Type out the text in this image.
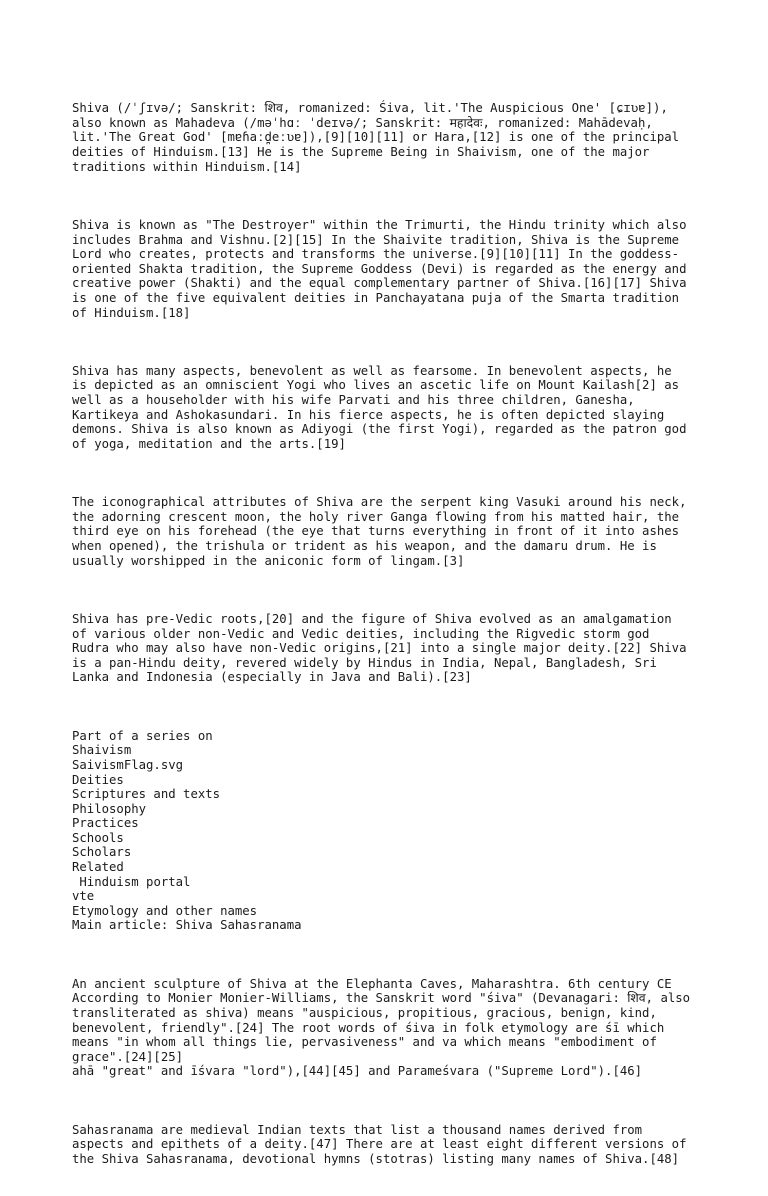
Shiva (/ˈʃɪvə/; Sanskrit: शिव, romanized: Śiva, lit.'The Auspicious One' [ɕɪʋɐ]),
also known as Mahadeva (/məˈhɑː ˈdeɪvə/; Sanskrit: महादेवः, romanized: Mahādevaḥ,
lit.'The Great God' [mɐɦaːd̪eːʋɐ]),[9][10][11] or Hara,[12] is one of the principal
deities of Hinduism.[13] He is the Supreme Being in Shaivism, one of the major
traditions within Hinduism.[14]

Shiva is known as "The Destroyer" within the Trimurti, the Hindu trinity which also
includes Brahma and Vishnu.[2][15] In the Shaivite tradition, Shiva is the Supreme
Lord who creates, protects and transforms the universe.[9][10][11] In the goddess-
oriented Shakta tradition, the Supreme Goddess (Devi) is regarded as the energy and
creative power (Shakti) and the equal complementary partner of Shiva.[16][17] Shiva
is one of the five equivalent deities in Panchayatana puja of the Smarta tradition
of Hinduism.[18]

Shiva has many aspects, benevolent as well as fearsome. In benevolent aspects, he
is depicted as an omniscient Yogi who lives an ascetic life on Mount Kailash[2] as
well as a householder with his wife Parvati and his three children, Ganesha,
Kartikeya and Ashokasundari. In his fierce aspects, he is often depicted slaying
demons. Shiva is also known as Adiyogi (the first Yogi), regarded as the patron god
of yoga, meditation and the arts.[19]

The iconographical attributes of Shiva are the serpent king Vasuki around his neck,
the adorning crescent moon, the holy river Ganga flowing from his matted hair, the
third eye on his forehead (the eye that turns everything in front of it into ashes
when opened), the trishula or trident as his weapon, and the damaru drum. He is
usually worshipped in the aniconic form of lingam.[3]

Shiva has pre-Vedic roots,[20] and the figure of Shiva evolved as an amalgamation
of various older non-Vedic and Vedic deities, including the Rigvedic storm god
Rudra who may also have non-Vedic origins,[21] into a single major deity.[22] Shiva
is a pan-Hindu deity, revered widely by Hindus in India, Nepal, Bangladesh, Sri
Lanka and Indonesia (especially in Java and Bali).[23]

Part of a series on
Shaivism
SaivismFlag.svg
Deities
Scriptures and texts
Philosophy
Practices
Schools
Scholars
Related
Hinduism portal
vte
Etymology and other names
Main article: Shiva Sahasranama

An ancient sculpture of Shiva at the Elephanta Caves, Maharashtra. 6th century CE
According to Monier Monier-Williams, the Sanskrit word "śiva" (Devanagari: शिव, also
transliterated as shiva) means "auspicious, propitious, gracious, benign, kind,
benevolent, friendly".[24] The root words of śiva in folk etymology are śī which
means "in whom all things lie, pervasiveness" and va which means "embodiment of
grace".[24][25]
ahā "great" and īśvara "lord"),[44][45] and Parameśvara ("Supreme Lord").[46]

Sahasranama are medieval Indian texts that list a thousand names derived from
aspects and epithets of a deity.[47] There are at least eight different versions of
the Shiva Sahasranama, devotional hymns (stotras) listing many names of Shiva.[48]
